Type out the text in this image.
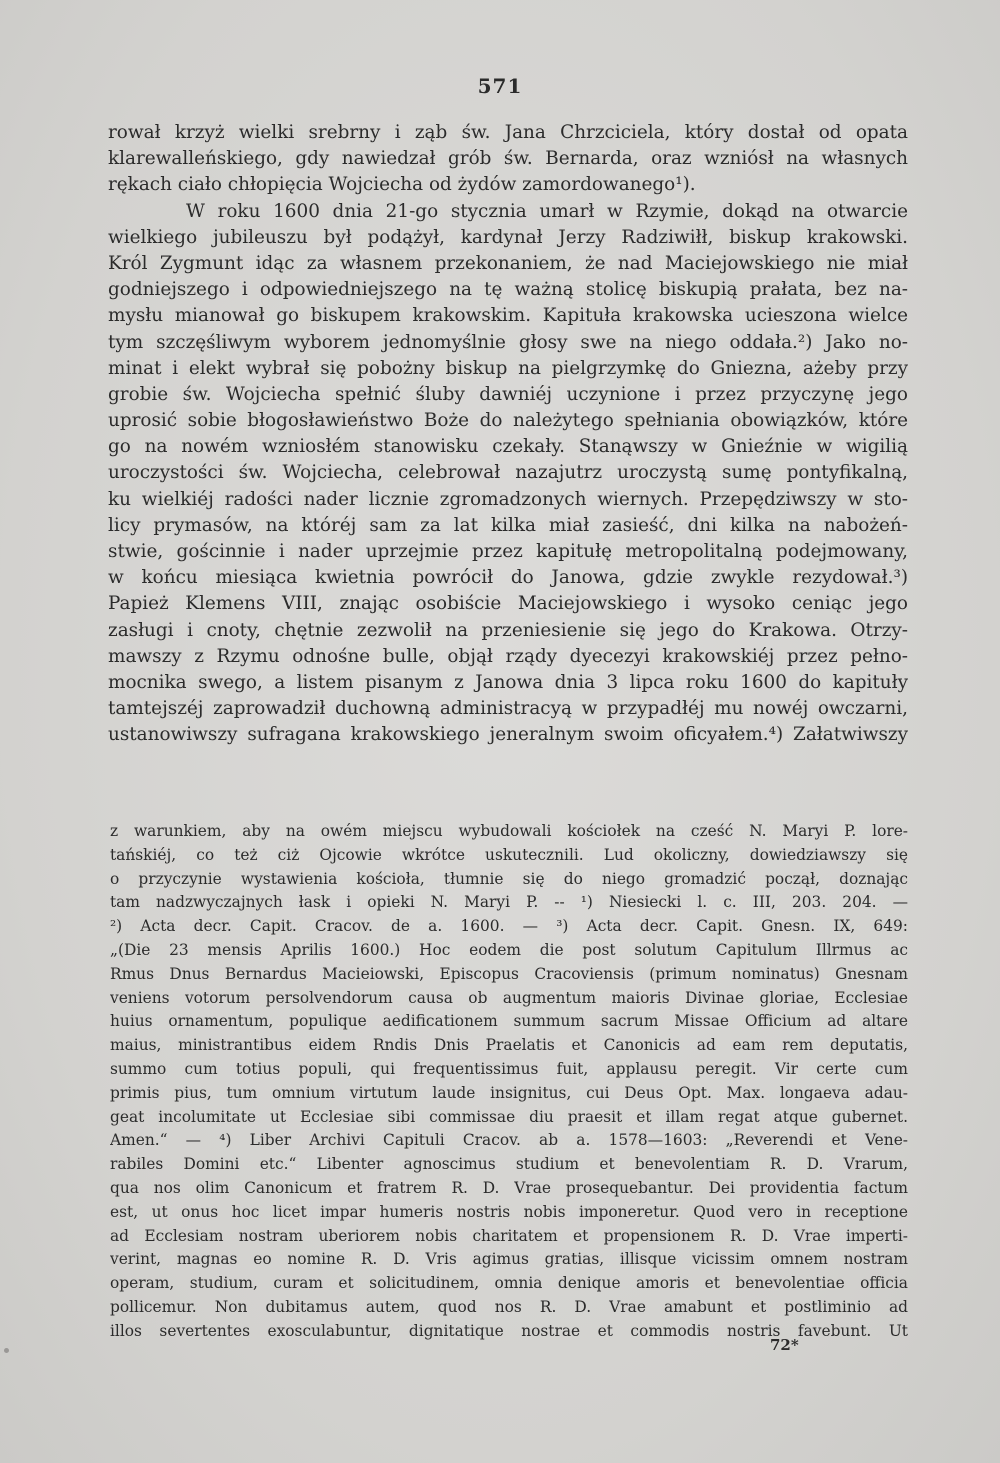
571
rował krzyż wielki srebrny i ząb św. Jana Chrzciciela, który dostał od opata
klarewalleńskiego, gdy nawiedzał grób św. Bernarda, oraz wzniósł na własnych
rękach ciało chłopięcia Wojciecha od żydów zamordowanego¹).
W roku 1600 dnia 21-go stycznia umarł w Rzymie, dokąd na otwarcie
wielkiego jubileuszu był podążył, kardynał Jerzy Radziwiłł, biskup krakowski.
Król Zygmunt idąc za własnem przekonaniem, że nad Maciejowskiego nie miał
godniejszego i odpowiedniejszego na tę ważną stolicę biskupią prałata, bez na-
mysłu mianował go biskupem krakowskim. Kapituła krakowska ucieszona wielce
tym szczęśliwym wyborem jednomyślnie głosy swe na niego oddała.²) Jako no-
minat i elekt wybrał się pobożny biskup na pielgrzymkę do Gniezna, ażeby przy
grobie św. Wojciecha spełnić śluby dawniéj uczynione i przez przyczynę jego
uprosić sobie błogosławieństwo Boże do należytego spełniania obowiązków, które
go na nowém wzniosłém stanowisku czekały. Stanąwszy w Gnieźnie w wigilią
uroczystości św. Wojciecha, celebrował nazajutrz uroczystą sumę pontyfikalną,
ku wielkiéj radości nader licznie zgromadzonych wiernych. Przepędziwszy w sto-
licy prymasów, na któréj sam za lat kilka miał zasieść, dni kilka na nabożeń-
stwie, gościnnie i nader uprzejmie przez kapitułę metropolitalną podejmowany,
w końcu miesiąca kwietnia powrócił do Janowa, gdzie zwykle rezydował.³)
Papież Klemens VIII, znając osobiście Maciejowskiego i wysoko ceniąc jego
zasługi i cnoty, chętnie zezwolił na przeniesienie się jego do Krakowa. Otrzy-
mawszy z Rzymu odnośne bulle, objął rządy dyecezyi krakowskiéj przez pełno-
mocnika swego, a listem pisanym z Janowa dnia 3 lipca roku 1600 do kapituły
tamtejszéj zaprowadził duchowną administracyą w przypadłéj mu nowéj owczarni,
ustanowiwszy sufragana krakowskiego jeneralnym swoim oficyałem.⁴) Załatwiwszy
z warunkiem, aby na owém miejscu wybudowali kościołek na cześć N. Maryi P. lore-
tańskiéj, co też ciż Ojcowie wkrótce uskutecznili. Lud okoliczny, dowiedziawszy się
o przyczynie wystawienia kościoła, tłumnie się do niego gromadzić począł, doznając
tam nadzwyczajnych łask i opieki N. Maryi P. -- ¹) Niesiecki l. c. III, 203. 204. —
²) Acta decr. Capit. Cracov. de a. 1600. — ³) Acta decr. Capit. Gnesn. IX, 649:
„(Die 23 mensis Aprilis 1600.) Hoc eodem die post solutum Capitulum Illrmus ac
Rmus Dnus Bernardus Macieiowski, Episcopus Cracoviensis (primum nominatus) Gnesnam
veniens votorum persolvendorum causa ob augmentum maioris Divinae gloriae, Ecclesiae
huius ornamentum, populique aedificationem summum sacrum Missae Officium ad altare
maius, ministrantibus eidem Rndis Dnis Praelatis et Canonicis ad eam rem deputatis,
summo cum totius populi, qui frequentissimus fuit, applausu peregit. Vir certe cum
primis pius, tum omnium virtutum laude insignitus, cui Deus Opt. Max. longaeva adau-
geat incolumitate ut Ecclesiae sibi commissae diu praesit et illam regat atque gubernet.
Amen.“ — ⁴) Liber Archivi Capituli Cracov. ab a. 1578—1603: „Reverendi et Vene-
rabiles Domini etc.“ Libenter agnoscimus studium et benevolentiam R. D. Vrarum,
qua nos olim Canonicum et fratrem R. D. Vrae prosequebantur. Dei providentia factum
est, ut onus hoc licet impar humeris nostris nobis imponeretur. Quod vero in receptione
ad Ecclesiam nostram uberiorem nobis charitatem et propensionem R. D. Vrae imperti-
verint, magnas eo nomine R. D. Vris agimus gratias, illisque vicissim omnem nostram
operam, studium, curam et solicitudinem, omnia denique amoris et benevolentiae officia
pollicemur. Non dubitamus autem, quod nos R. D. Vrae amabunt et postliminio ad
illos severtentes exosculabuntur, dignitatique nostrae et commodis nostris favebunt. Ut
72*
